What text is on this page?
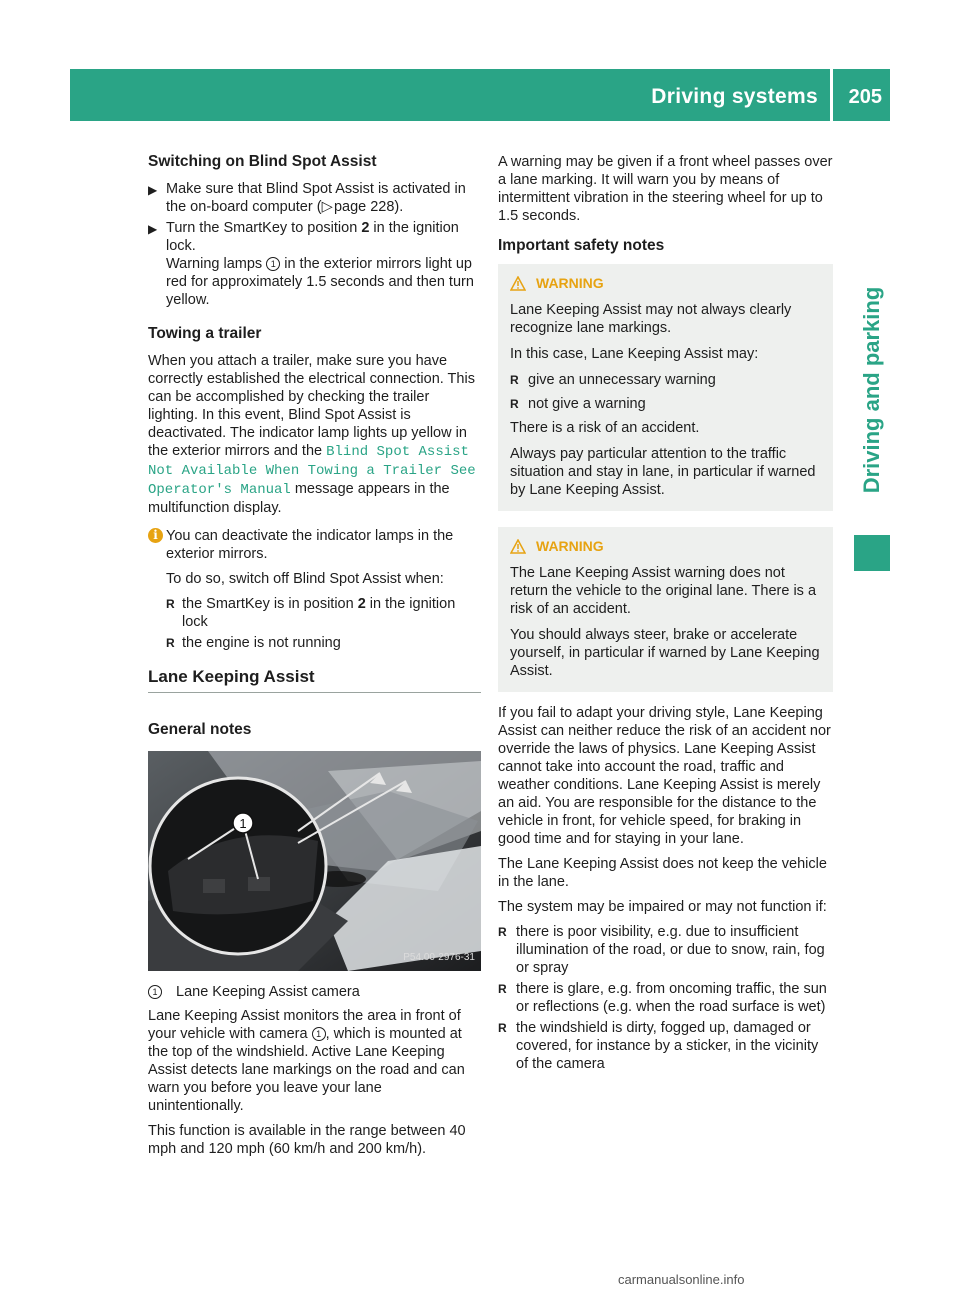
Driving systems 205
Driving and parking
Switching on Blind Spot Assist
▶ Make sure that Blind Spot Assist is activated in the on-board computer (▷ page 228).
▶ Turn the SmartKey to position 2 in the ignition lock.
Warning lamps 1 in the exterior mirrors light up red for approximately 1.5 seconds and then turn yellow.
Towing a trailer

When you attach a trailer, make sure you have correctly established the electrical connection. This can be accomplished by checking the trailer lighting. In this event, Blind Spot Assist is deactivated. The indicator lamp lights up yellow in the exterior mirrors and the Blind Spot Assist Not Available When Towing a Trailer See Operator's Manual message appears in the multifunction display.

i You can deactivate the indicator lamps in the exterior mirrors.

To do so, switch off Blind Spot Assist when:

R the SmartKey is in position 2 in the ignition lock
R the engine is not running
Lane Keeping Assist
General notes
1
P54.00-2976-31
1	Lane Keeping Assist camera

Lane Keeping Assist monitors the area in front of your vehicle with camera 1 , which is mounted at the top of the windshield. Active Lane Keeping Assist detects lane markings on the road and can warn you before you leave your lane unintentionally.

This function is available in the range between 40 mph and 120 mph (60 km/h and 200 km/h).

A warning may be given if a front wheel passes over a lane marking. It will warn you by means of intermittent vibration in the steering wheel for up to 1.5 seconds.

Important safety notes
WARNING

Lane Keeping Assist may not always clearly recognize lane markings.

In this case, Lane Keeping Assist may:

R give an unnecessary warning
R not give a warning

There is a risk of an accident.

Always pay particular attention to the traffic situation and stay in lane, in particular if warned by Lane Keeping Assist.

WARNING

The Lane Keeping Assist warning does not return the vehicle to the original lane. There is a risk of an accident.

You should always steer, brake or accelerate yourself, in particular if warned by Lane Keeping Assist.

If you fail to adapt your driving style, Lane Keeping Assist can neither reduce the risk of an accident nor override the laws of physics. Lane Keeping Assist cannot take into account the road, traffic and weather conditions. Lane Keeping Assist is merely an aid. You are responsible for the distance to the vehicle in front, for vehicle speed, for braking in good time and for staying in your lane.

The Lane Keeping Assist does not keep the vehicle in the lane.

The system may be impaired or may not function if:

R there is poor visibility, e.g. due to insufficient illumination of the road, or due to snow, rain, fog or spray
R there is glare, e.g. from oncoming traffic, the sun or reflections (e.g. when the road surface is wet)
R the windshield is dirty, fogged up, damaged or covered, for instance by a sticker, in the vicinity of the camera
carmanualsonline.info
